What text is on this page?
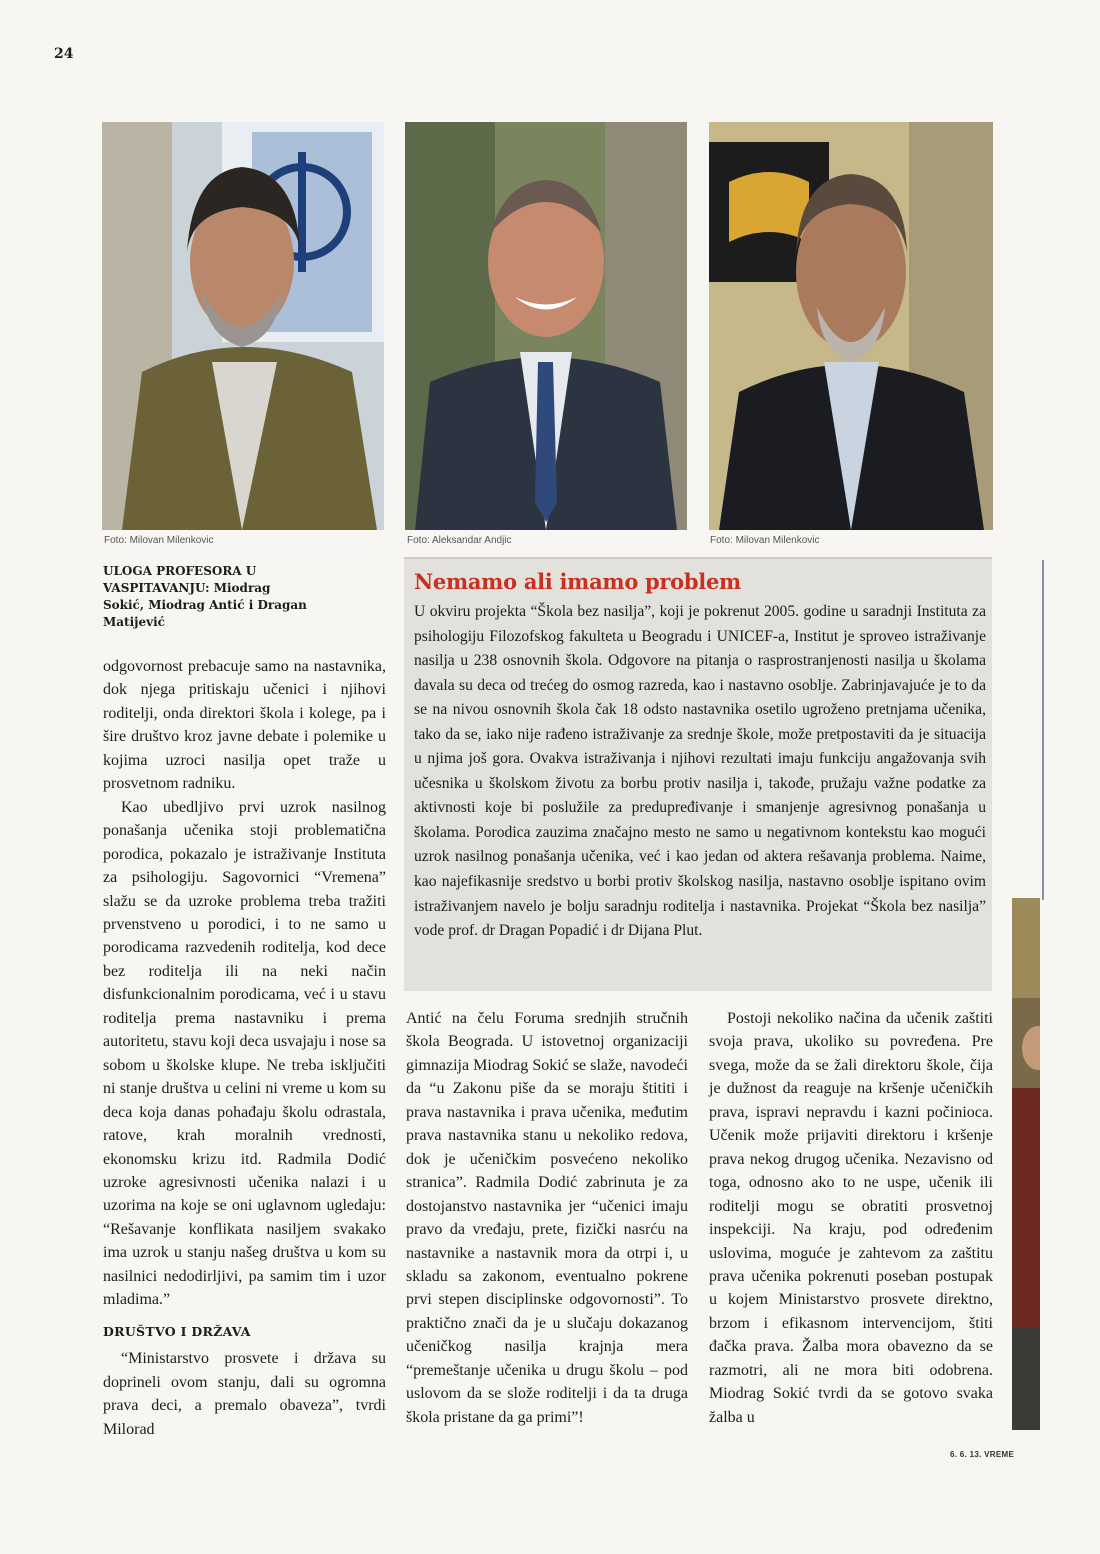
24
Foto: Milovan Milenkovic	Foto: Aleksandar Andjic	Foto: Milovan Milenkovic
ULOGA PROFESORA U VASPITAVANJU: Miodrag Sokić, Miodrag Antić i Dragan Matijević
Nemamo ali imamo problem
U okviru projekta “Škola bez nasilja”, koji je pokrenut 2005. godine u saradnji Instituta za psihologiju Filozofskog fakulteta u Beogradu i UNICEF-a, Institut je sproveo istraživanje nasilja u 238 osnovnih škola. Odgovore na pitanja o rasprostranjenosti nasilja u školama davala su deca od trećeg do osmog razreda, kao i nastavno osoblje. Zabrinjavajuće je to da se na nivou osnovnih škola čak 18 odsto nastavnika osetilo ugroženo pretnjama učenika, tako da se, iako nije rađeno istraživanje za srednje škole, može pretpostaviti da je situacija u njima još gora. Ovakva istraživanja i njihovi rezultati imaju funkciju angažovanja svih učesnika u školskom životu za borbu protiv nasilja i, takođe, pružaju važne podatke za aktivnosti koje bi poslužile za predupređivanje i smanjenje agresivnog ponašanja u školama. Porodica zauzima značajno mesto ne samo u negativnom kontekstu kao mogući uzrok nasilnog ponašanja učenika, već i kao jedan od aktera rešavanja problema. Naime, kao najefikasnije sredstvo u borbi protiv školskog nasilja, nastavno osoblje ispitano ovim istraživanjem navelo je bolju saradnju roditelja i nastavnika. Projekat “Škola bez nasilja” vode prof. dr Dragan Popadić i dr Dijana Plut.

odgovornost prebacuje samo na nastavnika, dok njega pritiskaju učenici i njihovi roditelji, onda direktori škola i kolege, pa i šire društvo kroz javne debate i polemike u kojima uzroci nasilja opet traže u prosvetnom radniku.

Kao ubedljivo prvi uzrok nasilnog ponašanja učenika stoji problematična porodica, pokazalo je istraživanje Instituta za psihologiju. Sagovornici “Vremena” slažu se da uzroke problema treba tražiti prvenstveno u porodici, i to ne samo u porodicama razvedenih roditelja, kod dece bez roditelja ili na neki način disfunkcionalnim porodicama, već i u stavu roditelja prema nastavniku i prema autoritetu, stavu koji deca usvajaju i nose sa sobom u školske klupe. Ne treba isključiti ni stanje društva u celini ni vreme u kom su deca koja danas pohađaju školu odrastala, ratove, krah moralnih vrednosti, ekonomsku krizu itd. Radmila Dodić uzroke agresivnosti učenika nalazi i u uzorima na koje se oni uglavnom ugledaju: “Rešavanje konflikata nasiljem svakako ima uzrok u stanju našeg društva u kom su nasilnici nedodirljivi, pa samim tim i uzor mladima.”

DRUŠTVO I DRŽAVA

“Ministarstvo prosvete i država su doprineli ovom stanju, dali su ogromna prava deci, a premalo obaveza”, tvrdi Milorad

Antić na čelu Foruma srednjih stručnih škola Beograda. U istovetnoj organizaciji gimnazija Miodrag Sokić se slaže, navodeći da “u Zakonu piše da se moraju štititi i prava nastavnika i prava učenika, međutim prava nastavnika stanu u nekoliko redova, dok je učeničkim posvećeno nekoliko stranica”. Radmila Dodić zabrinuta je za dostojanstvo nastavnika jer “učenici imaju pravo da vređaju, prete, fizički nasrću na nastavnike a nastavnik mora da otrpi i, u skladu sa zakonom, eventualno pokrene prvi stepen disciplinske odgovornosti”. To praktično znači da je u slučaju dokazanog učeničkog nasilja krajnja mera “premeštanje učenika u drugu školu – pod uslovom da se slože roditelji i da ta druga škola pristane da ga primi”!

Postoji nekoliko načina da učenik zaštiti svoja prava, ukoliko su povređena. Pre svega, može da se žali direktoru škole, čija je dužnost da reaguje na kršenje učeničkih prava, ispravi nepravdu i kazni počinioca. Učenik može prijaviti direktoru i kršenje prava nekog drugog učenika. Nezavisno od toga, odnosno ako to ne uspe, učenik ili roditelji mogu se obratiti prosvetnoj inspekciji. Na kraju, pod određenim uslovima, moguće je zahtevom za zaštitu prava učenika pokrenuti poseban postupak u kojem Ministarstvo prosvete direktno, brzom i efikasnom intervencijom, štiti đačka prava. Žalba mora obavezno da se razmotri, ali ne mora biti odobrena. Miodrag Sokić tvrdi da se gotovo svaka žalba u

6. 6. 13. VREME
